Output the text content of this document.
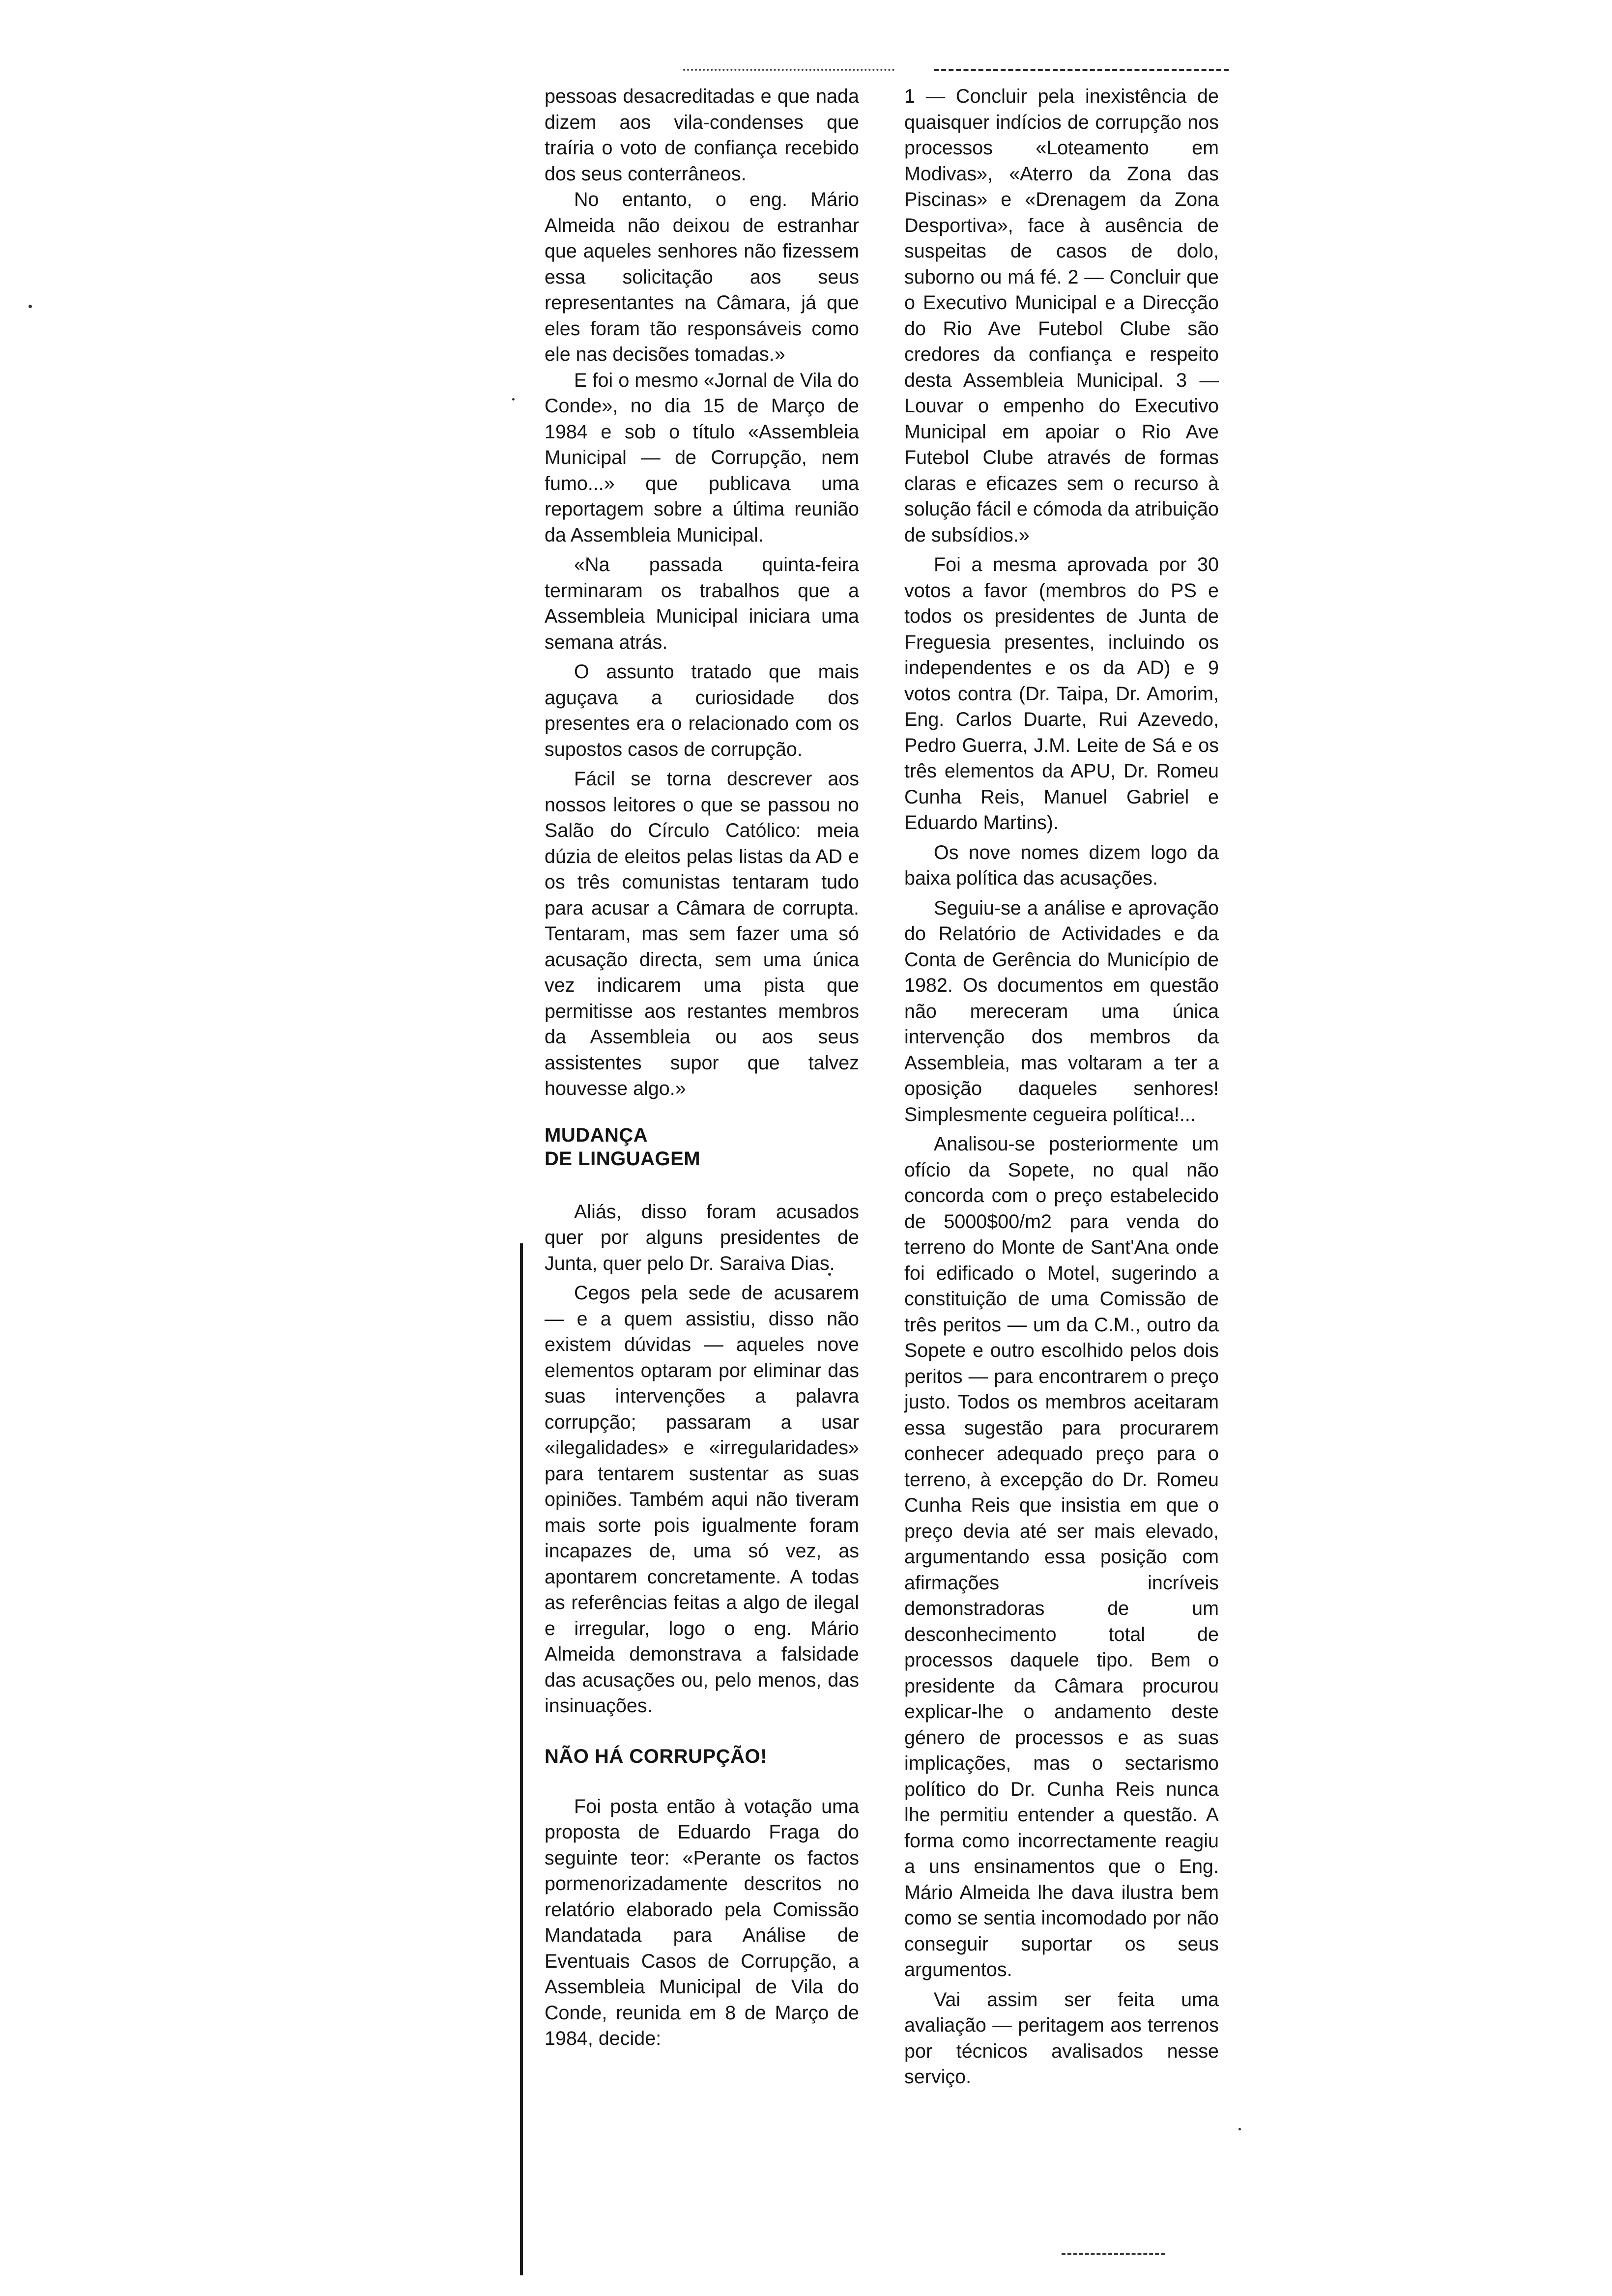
pessoas desacreditadas e que nada dizem aos vila-condenses que traíria o voto de confiança recebido dos seus conterrâneos.

No entanto, o eng. Mário Almeida não deixou de estranhar que aqueles senhores não fizessem essa solicitação aos seus representantes na Câmara, já que eles foram tão responsáveis como ele nas decisões tomadas.»

E foi o mesmo «Jornal de Vila do Conde», no dia 15 de Março de 1984 e sob o título «Assembleia Municipal — de Corrupção, nem fumo...» que publicava uma reportagem sobre a última reunião da Assembleia Municipal.

«Na passada quinta-feira terminaram os trabalhos que a Assembleia Municipal iniciara uma semana atrás.

O assunto tratado que mais aguçava a curiosidade dos presentes era o relacionado com os supostos casos de corrupção.

Fácil se torna descrever aos nossos leitores o que se passou no Salão do Círculo Católico: meia dúzia de eleitos pelas listas da AD e os três comunistas tentaram tudo para acusar a Câmara de corrupta. Tentaram, mas sem fazer uma só acusação directa, sem uma única vez indicarem uma pista que permitisse aos restantes membros da Assembleia ou aos seus assistentes supor que talvez houvesse algo.»

MUDANÇA
DE LINGUAGEM

Aliás, disso foram acusados quer por alguns presidentes de Junta, quer pelo Dr. Saraiva Dias.

Cegos pela sede de acusarem — e a quem assistiu, disso não existem dúvidas — aqueles nove elementos optaram por eliminar das suas intervenções a palavra corrupção; passaram a usar «ilegalidades» e «irregularidades» para tentarem sustentar as suas opiniões. Também aqui não tiveram mais sorte pois igualmente foram incapazes de, uma só vez, as apontarem concretamente. A todas as referências feitas a algo de ilegal e irregular, logo o eng. Mário Almeida demonstrava a falsidade das acusações ou, pelo menos, das insinuações.

NÃO HÁ CORRUPÇÃO!

Foi posta então à votação uma proposta de Eduardo Fraga do seguinte teor: «Perante os factos pormenorizadamente descritos no relatório elaborado pela Comissão Mandatada para Análise de Eventuais Casos de Corrupção, a Assembleia Municipal de Vila do Conde, reunida em 8 de Março de 1984, decide:

1 — Concluir pela inexistência de quaisquer indícios de corrupção nos processos «Loteamento em Modivas», «Aterro da Zona das Piscinas» e «Drenagem da Zona Desportiva», face à ausência de suspeitas de casos de dolo, suborno ou má fé. 2 — Concluir que o Executivo Municipal e a Direcção do Rio Ave Futebol Clube são credores da confiança e respeito desta Assembleia Municipal. 3 — Louvar o empenho do Executivo Municipal em apoiar o Rio Ave Futebol Clube através de formas claras e eficazes sem o recurso à solução fácil e cómoda da atribuição de subsídios.»

Foi a mesma aprovada por 30 votos a favor (membros do PS e todos os presidentes de Junta de Freguesia presentes, incluindo os independentes e os da AD) e 9 votos contra (Dr. Taipa, Dr. Amorim, Eng. Carlos Duarte, Rui Azevedo, Pedro Guerra, J.M. Leite de Sá e os três elementos da APU, Dr. Romeu Cunha Reis, Manuel Gabriel e Eduardo Martins).

Os nove nomes dizem logo da baixa política das acusações.

Seguiu-se a análise e aprovação do Relatório de Actividades e da Conta de Gerência do Município de 1982. Os documentos em questão não mereceram uma única intervenção dos membros da Assembleia, mas voltaram a ter a oposição daqueles senhores! Simplesmente cegueira política!...

Analisou-se posteriormente um ofício da Sopete, no qual não concorda com o preço estabelecido de 5000$00/m2 para venda do terreno do Monte de Sant'Ana onde foi edificado o Motel, sugerindo a constituição de uma Comissão de três peritos — um da C.M., outro da Sopete e outro escolhido pelos dois peritos — para encontrarem o preço justo. Todos os membros aceitaram essa sugestão para procurarem conhecer adequado preço para o terreno, à excepção do Dr. Romeu Cunha Reis que insistia em que o preço devia até ser mais elevado, argumentando essa posição com afirmações incríveis demonstradoras de um desconhecimento total de processos daquele tipo. Bem o presidente da Câmara procurou explicar-lhe o andamento deste género de processos e as suas implicações, mas o sectarismo político do Dr. Cunha Reis nunca lhe permitiu entender a questão. A forma como incorrectamente reagiu a uns ensinamentos que o Eng. Mário Almeida lhe dava ilustra bem como se sentia incomodado por não conseguir suportar os seus argumentos.

Vai assim ser feita uma avaliação — peritagem aos terrenos por técnicos avalisados nesse serviço.
